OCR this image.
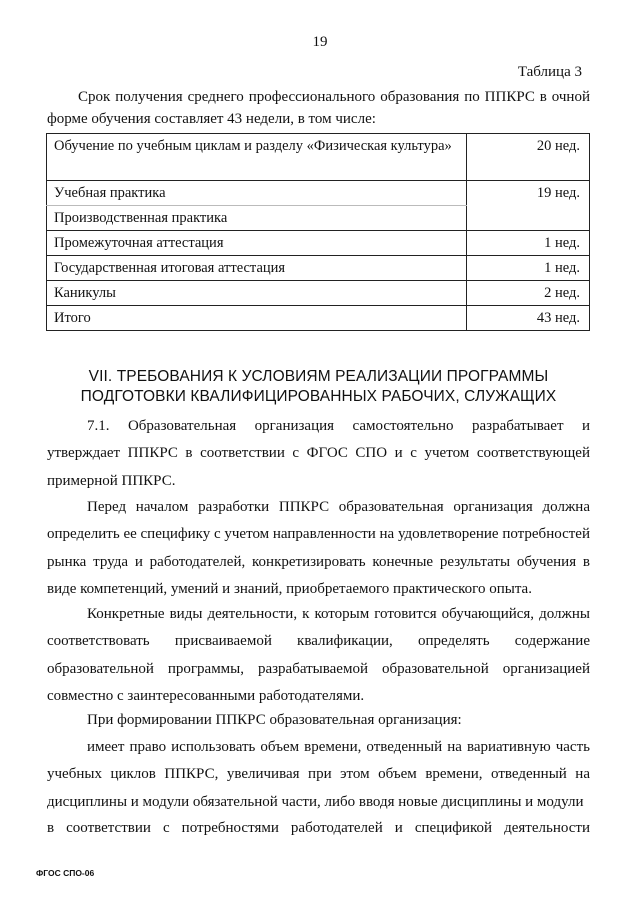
19
Таблица 3
Срок получения среднего профессионального образования по ППКРС в очной форме обучения составляет 43 недели, в том числе:
Обучение по учебным циклам и разделу «Физическая культура»	20 нед.
Учебная практика	19 нед.
Производственная практика	
Промежуточная аттестация	1 нед.
Государственная итоговая аттестация	1 нед.
Каникулы	2 нед.
Итого	43 нед.
VII. ТРЕБОВАНИЯ К УСЛОВИЯМ РЕАЛИЗАЦИИ ПРОГРАММЫ
ПОДГОТОВКИ КВАЛИФИЦИРОВАННЫХ РАБОЧИХ, СЛУЖАЩИХ
7.1. Образовательная организация самостоятельно разрабатывает и утверждает ППКРС в соответствии с ФГОС СПО и с учетом соответствующей примерной ППКРС.
Перед началом разработки ППКРС образовательная организация должна определить ее специфику с учетом направленности на удовлетворение потребностей рынка труда и работодателей, конкретизировать конечные результаты обучения в виде компетенций, умений и знаний, приобретаемого практического опыта.
Конкретные виды деятельности, к которым готовится обучающийся, должны соответствовать присваиваемой квалификации, определять содержание образовательной программы, разрабатываемой образовательной организацией совместно с заинтересованными работодателями.
При формировании ППКРС образовательная организация:
имеет право использовать объем времени, отведенный на вариативную часть учебных циклов ППКРС, увеличивая при этом объем времени, отведенный на дисциплины и модули обязательной части, либо вводя новые дисциплины и модули
в соответствии с потребностями работодателей и спецификой деятельности
ФГОС СПО-06
